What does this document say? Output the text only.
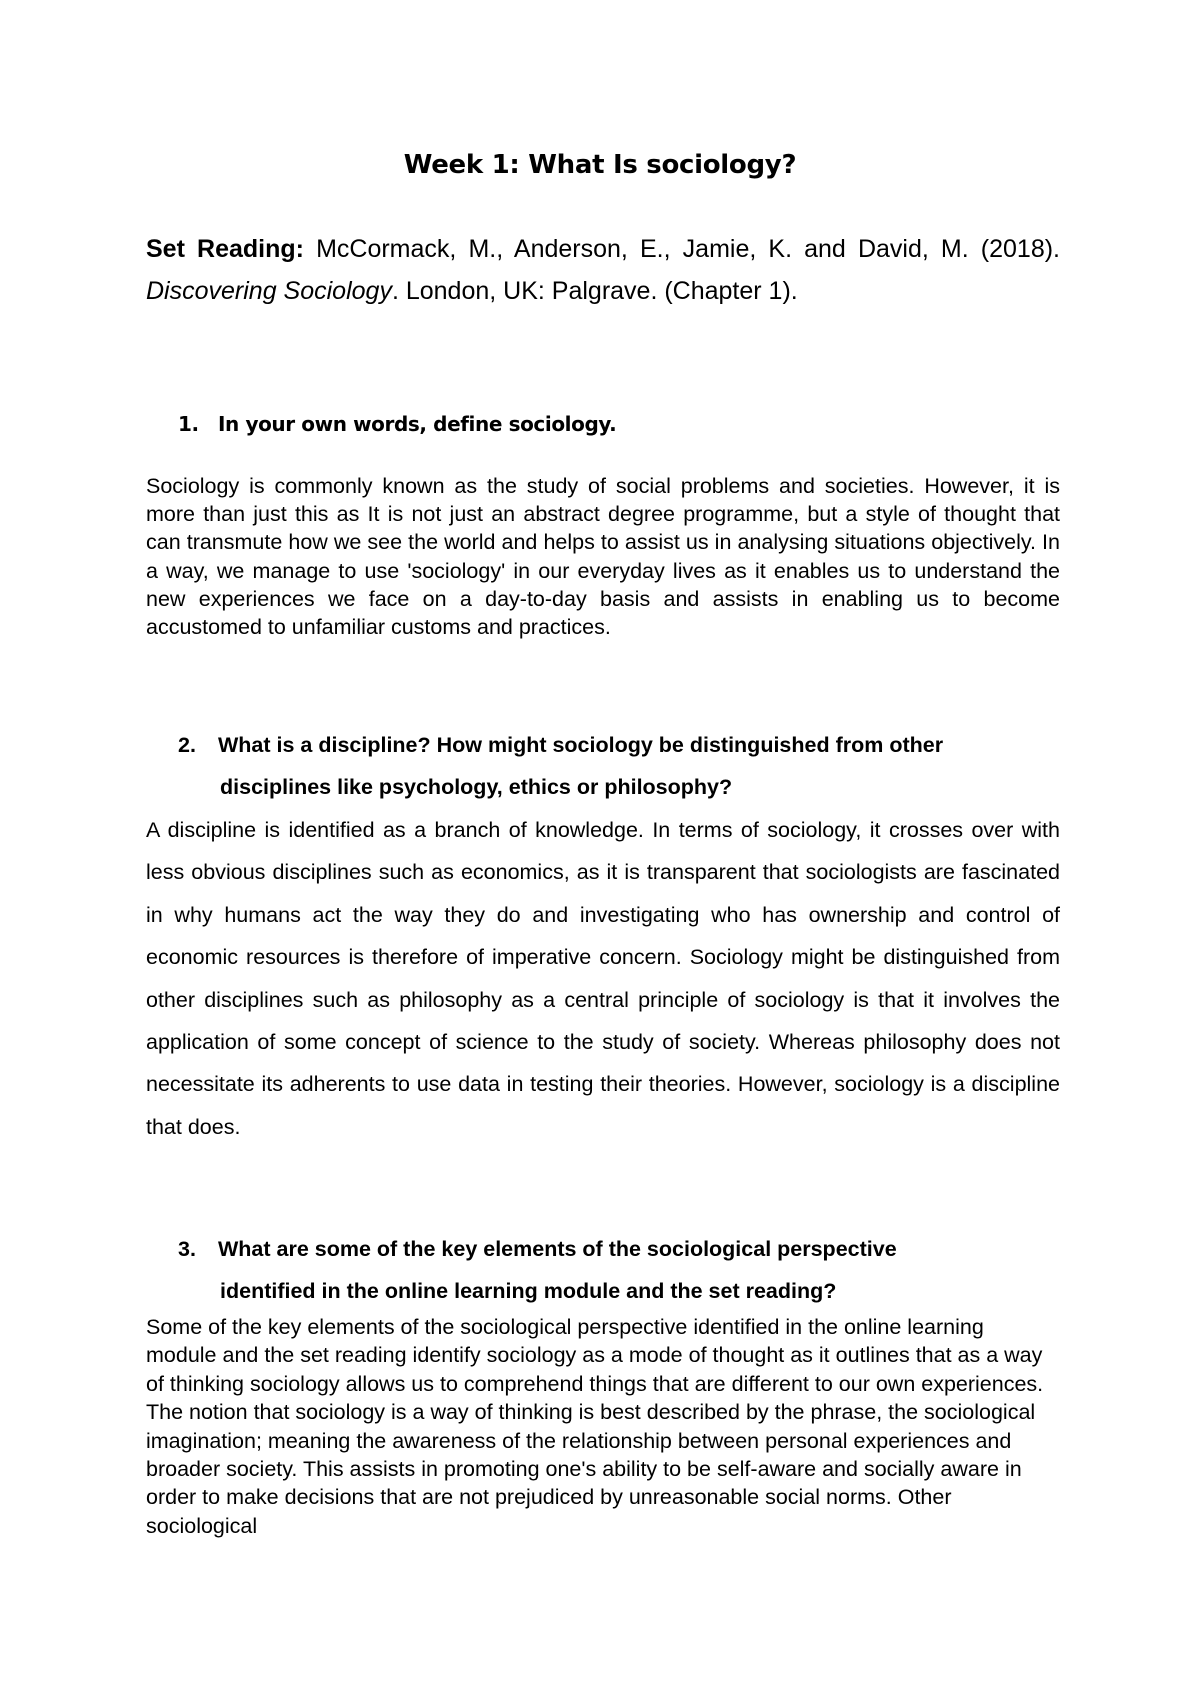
Week 1: What Is sociology?
Set Reading: McCormack, M., Anderson, E., Jamie, K. and David, M. (2018). Discovering Sociology. London, UK: Palgrave. (Chapter 1).
1. In your own words, define sociology.
Sociology is commonly known as the study of social problems and societies. However, it is more than just this as It is not just an abstract degree programme, but a style of thought that can transmute how we see the world and helps to assist us in analysing situations objectively. In a way, we manage to use 'sociology' in our everyday lives as it enables us to understand the new experiences we face on a day-to-day basis and assists in enabling us to become accustomed to unfamiliar customs and practices.
2. What is a discipline? How might sociology be distinguished from other
disciplines like psychology, ethics or philosophy?
A discipline is identified as a branch of knowledge. In terms of sociology, it crosses over with less obvious disciplines such as economics, as it is transparent that sociologists are fascinated in why humans act the way they do and investigating who has ownership and control of economic resources is therefore of imperative concern. Sociology might be distinguished from other disciplines such as philosophy as a central principle of sociology is that it involves the application of some concept of science to the study of society. Whereas philosophy does not necessitate its adherents to use data in testing their theories. However, sociology is a discipline that does.
3. What are some of the key elements of the sociological perspective
identified in the online learning module and the set reading?
Some of the key elements of the sociological perspective identified in the online learning module and the set reading identify sociology as a mode of thought as it outlines that as a way of thinking sociology allows us to comprehend things that are different to our own experiences. The notion that sociology is a way of thinking is best described by the phrase, the sociological imagination; meaning the awareness of the relationship between personal experiences and broader society. This assists in promoting one's ability to be self-aware and socially aware in order to make decisions that are not prejudiced by unreasonable social norms. Other sociological
